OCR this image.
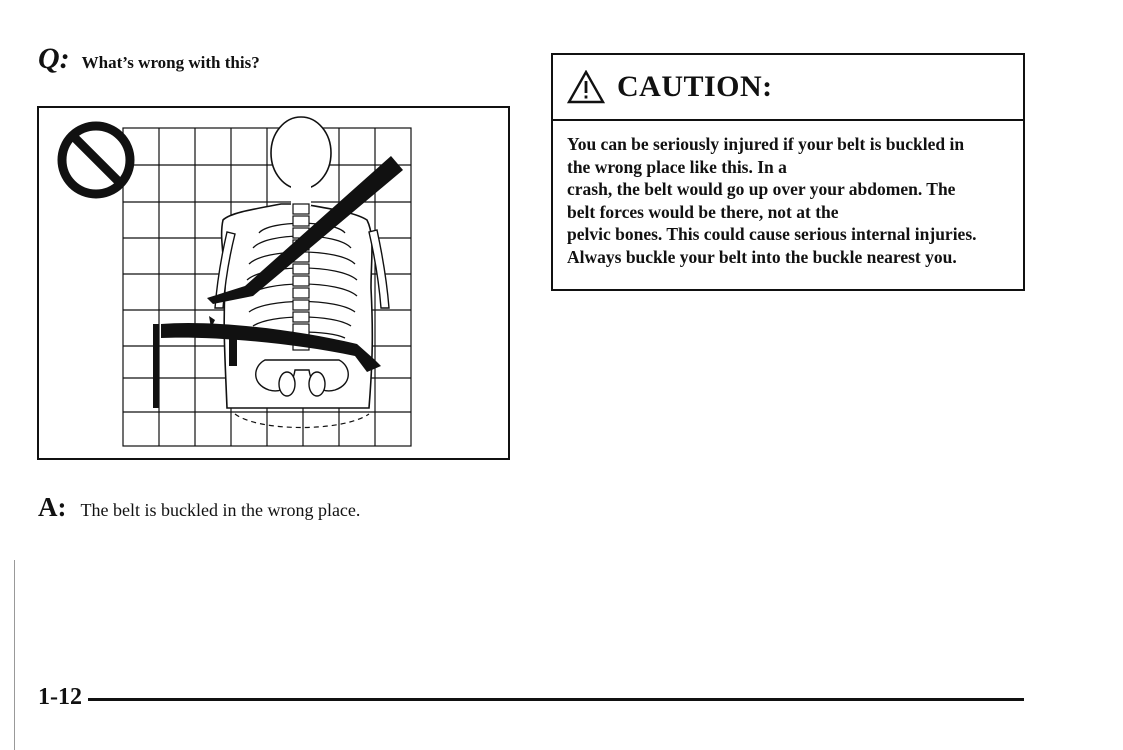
Q: What’s wrong with this?
A: The belt is buckled in the wrong place.
CAUTION:
You can be seriously injured if your belt is buckled in
the wrong place like this. In a
crash, the belt would go up over your abdomen. The
belt forces would be there, not at the
pelvic bones. This could cause serious internal injuries.
Always buckle your belt into the buckle nearest you.
1-12
